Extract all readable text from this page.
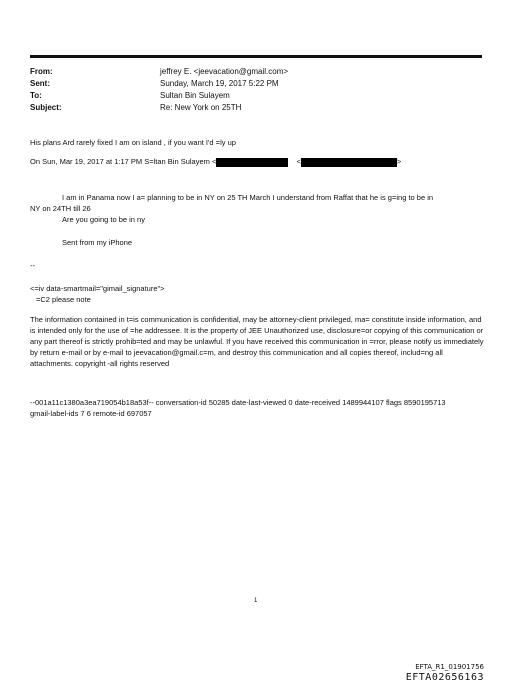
From:	jeffrey E. <jeevacation@gmail.com>
Sent:	Sunday, March 19, 2017 5:22 PM
To:	Sultan Bin Sulayem
Subject:	Re: New York on 25TH
His plans Ard rarely fixed I am on island , if you want I'd =ly up
On Sun, Mar 19, 2017 at 1:17 PM S=ltan Bin Sulayem <	<	>
I am in Panama now I a= planning to be in NY on 25 TH March I understand from Raffat that he is g=ing to be in
NY on 24TH till 26
Are you going to be in ny
Sent from my iPhone
--
<=iv data-smartmail="gimail_signature">
=C2 please note
The information contained in t=is communication is confidential, may be attorney-client privileged, ma= constitute inside information, and is intended only for the use of =he addressee. It is the property of JEE Unauthorized use, disclosure=or copying of this communication or any part thereof is strictly prohib=ted and may be unlawful. If you have received this communication in =rror, please notify us immediately by return e-mail or by e-mail to jeevacation@gmail.c=m, and destroy this communication and all copies thereof, includ=ng all attachments. copyright -all rights reserved
--001a11c1380a3ea719054b18a53f-- conversation-id 50285 date-last-viewed 0 date-received 1489944107 flags 8590195713 gmail-label-ids 7 6 remote-id 697057
1
EFTA_R1_01901756
EFTA02656163
